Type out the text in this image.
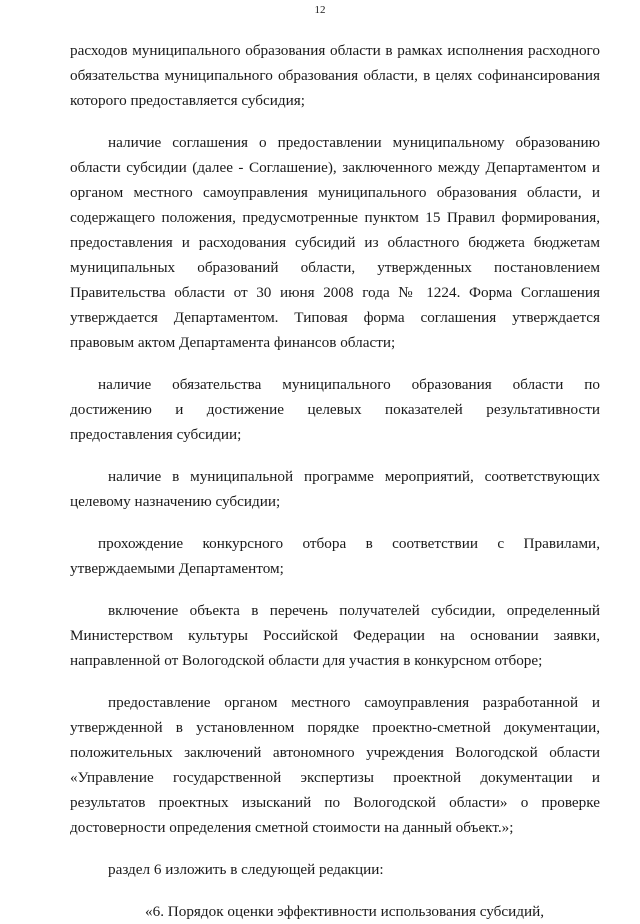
12

расходов муниципального образования области в рамках исполнения расходного обязательства муниципального образования области, в целях софинансирования которого предоставляется субсидия;

наличие соглашения о предоставлении муниципальному образованию области субсидии (далее - Соглашение), заключенного между Департаментом и органом местного самоуправления муниципального образования области, и содержащего положения, предусмотренные пунктом 15 Правил формирования, предоставления и расходования субсидий из областного бюджета бюджетам муниципальных образований области, утвержденных постановлением Правительства области от 30 июня 2008 года № 1224. Форма Соглашения утверждается Департаментом. Типовая форма соглашения утверждается правовым актом Департамента финансов области;

наличие обязательства муниципального образования области по достижению и достижение целевых показателей результативности предоставления субсидии;

наличие в муниципальной программе мероприятий, соответствующих целевому назначению субсидии;

прохождение конкурсного отбора в соответствии с Правилами, утверждаемыми Департаментом;

включение объекта в перечень получателей субсидии, определенный Министерством культуры Российской Федерации на основании заявки, направленной от Вологодской области для участия в конкурсном отборе;

предоставление органом местного самоуправления разработанной и утвержденной в установленном порядке проектно-сметной документации, положительных заключений автономного учреждения Вологодской области «Управление государственной экспертизы проектной документации и результатов проектных изысканий по Вологодской области» о проверке достоверности определения сметной стоимости на данный объект.»;

раздел 6 изложить в следующей редакции:

«6. Порядок оценки эффективности использования субсидий,
